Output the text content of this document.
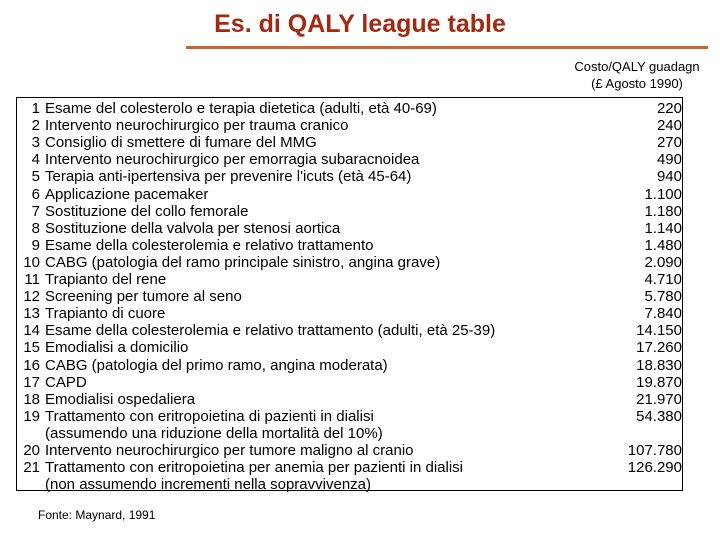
Es. di QALY league table
Costo/QALY guadagn
(£ Agosto 1990)
1 Esame del colesterolo e terapia dietetica (adulti, età 40-69)	220
2 Intervento neurochirurgico per trauma cranico	240
3 Consiglio di smettere di fumare del MMG	270
4 Intervento neurochirurgico per emorragia subaracnoidea	490
5 Terapia anti-ipertensiva per prevenire l'icuts (età 45-64)	940
6 Applicazione pacemaker	1.100
7 Sostituzione del collo femorale	1.180
8 Sostituzione della valvola per stenosi aortica	1.140
9 Esame della colesterolemia e relativo trattamento	1.480
10 CABG (patologia del ramo principale sinistro, angina grave)	2.090
11 Trapianto del rene	4.710
12 Screening per tumore al seno	5.780
13 Trapianto di cuore	7.840
14 Esame della colesterolemia e relativo trattamento (adulti, età 25-39)	14.150
15 Emodialisi a domicilio	17.260
16 CABG (patologia del primo ramo, angina moderata)	18.830
17 CAPD	19.870
18 Emodialisi ospedaliera	21.970
19 Trattamento con eritropoietina di pazienti in dialisi	54.380
(assumendo una riduzione della mortalità del 10%)
20 Intervento neurochirurgico per tumore maligno al cranio	107.780
21 Trattamento con eritropoietina per anemia per pazienti in dialisi	126.290
(non assumendo incrementi nella sopravvivenza)
Fonte: Maynard, 1991
